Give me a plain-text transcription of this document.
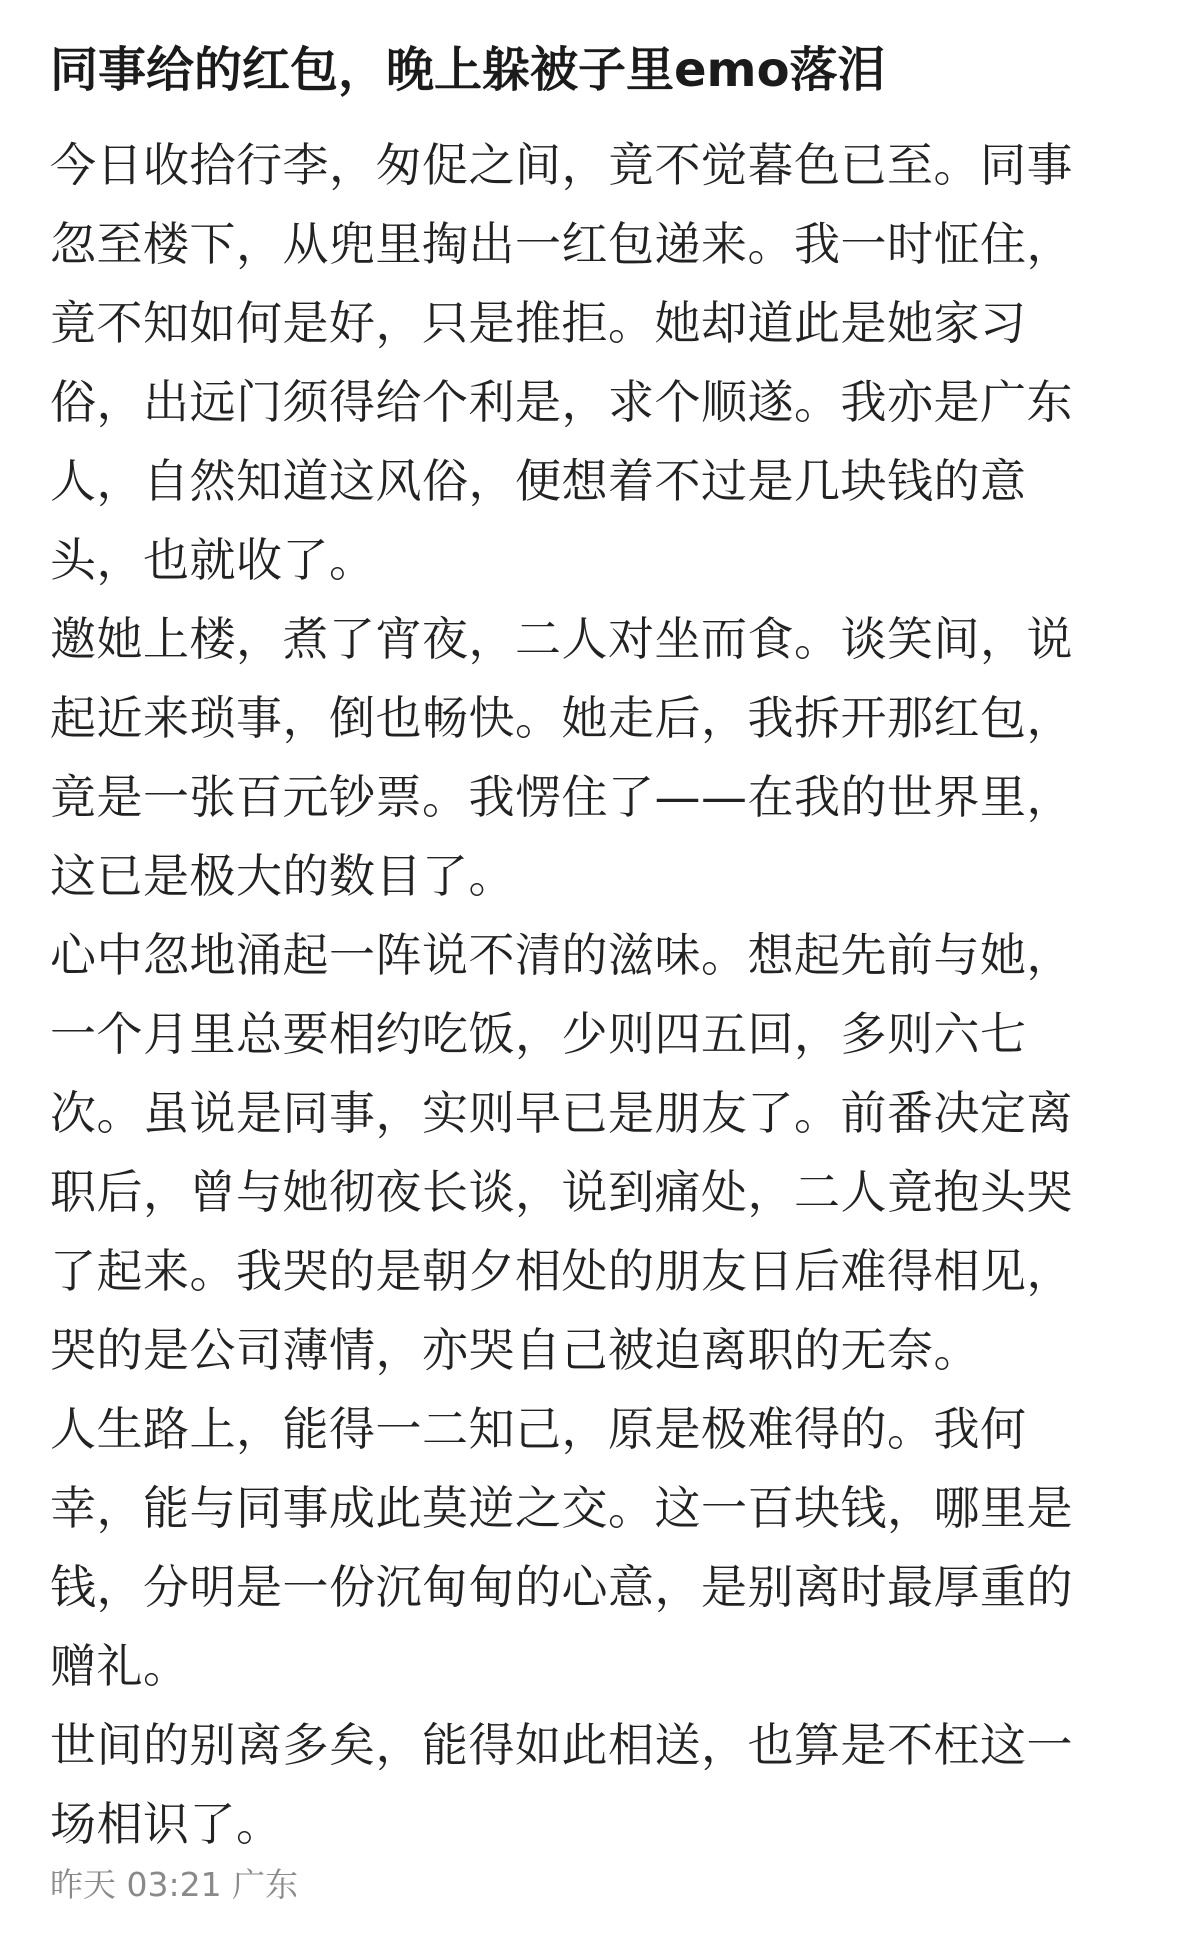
同事给的红包，晚上躲被子里emo落泪
今日收拾行李，匆促之间，竟不觉暮色已至。同事
忽至楼下，从兜里掏出一红包递来。我一时怔住，
竟不知如何是好，只是推拒。她却道此是她家习
俗，出远门须得给个利是，求个顺遂。我亦是广东
人，自然知道这风俗，便想着不过是几块钱的意
头，也就收了。
邀她上楼，煮了宵夜，二人对坐而食。谈笑间，说
起近来琐事，倒也畅快。她走后，我拆开那红包，
竟是一张百元钞票。我愣住了——在我的世界里，
这已是极大的数目了。
心中忽地涌起一阵说不清的滋味。想起先前与她，
一个月里总要相约吃饭，少则四五回，多则六七
次。虽说是同事，实则早已是朋友了。前番决定离
职后，曾与她彻夜长谈，说到痛处，二人竟抱头哭
了起来。我哭的是朝夕相处的朋友日后难得相见，
哭的是公司薄情，亦哭自己被迫离职的无奈。
人生路上，能得一二知己，原是极难得的。我何
幸，能与同事成此莫逆之交。这一百块钱，哪里是
钱，分明是一份沉甸甸的心意，是别离时最厚重的
赠礼。
世间的别离多矣，能得如此相送，也算是不枉这一
场相识了。
昨天 03:21 广东
